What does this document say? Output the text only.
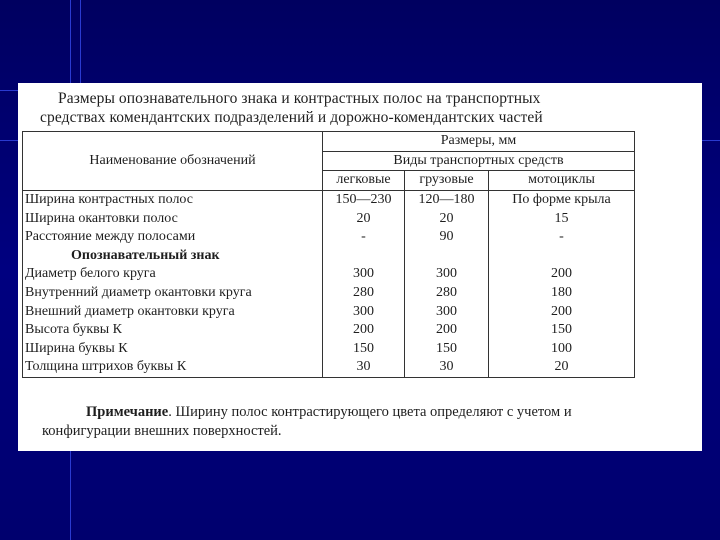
Размеры опознавательного знака и контрастных полос на транспортных
средствах комендантских подразделений и дорожно-комендантских частей
Наименование обозначений	Размеры, мм		
	Виды транспортных средств		
	легковые	грузовые	мотоциклы
Ширина контрастных полос	150—230	120—180	По форме крыла
Ширина окантовки полос	20	20	15
Расстояние между полосами	-	90	-
Опознавательный знак			
Диаметр белого круга	300	300	200
Внутренний диаметр окантовки круга	280	280	180
Внешний диаметр окантовки круга	300	300	200
Высота буквы К	200	200	150
Ширина буквы К	150	150	100
Толщина штрихов буквы К	30	30	20
Примечание. Ширину полос контрастирующего цвета определяют с учетом и
конфигурации внешних поверхностей.
